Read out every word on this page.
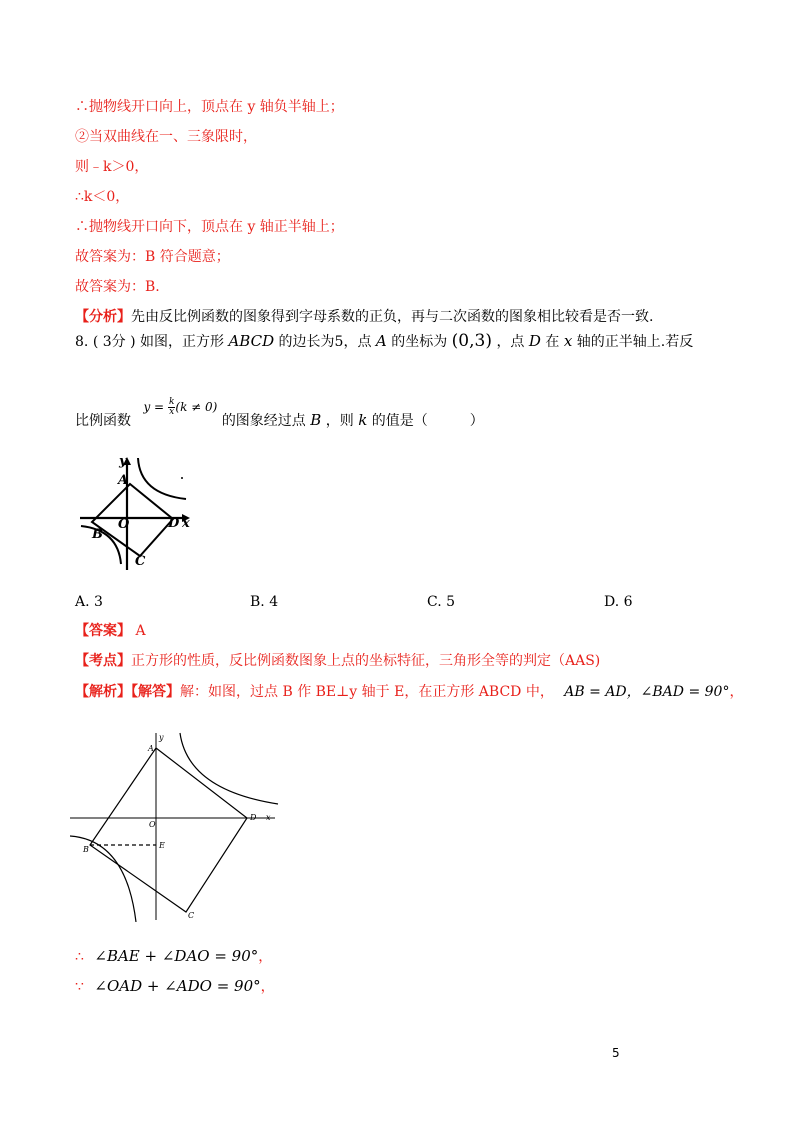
∴抛物线开口向上，顶点在 y 轴负半轴上；
②当双曲线在一、三象限时，
则﹣k＞0，
∴k＜0，
∴抛物线开口向下，顶点在 y 轴正半轴上；
故答案为：B 符合题意；
故答案为：B.
【分析】先由反比例函数的图象得到字母系数的正负，再与二次函数的图象相比较看是否一致.
8. ( 3分 ) 如图，正方形 ABCD 的边长为5，点 A 的坐标为 (0,3) ，点 D 在 x 轴的正半轴上.若反
比例函数 $y = \frac{k}{x} (k \ne 0)$ 的图象经过点 B ，则 k 的值是（　　　）
y
A
O	D x
B
C
A. 3	B. 4	C. 5	D. 6
【答案】 A
【考点】正方形的性质，反比例函数图象上点的坐标特征，三角形全等的判定（AAS)
【解析】【解答】解：如图，过点 B 作 BE⊥y 轴于 E，在正方形 ABCD 中， AB = AD，∠BAD = 90°，
y
A
O
D x
B	E
C
∴ ∠BAE + ∠DAO = 90°，
∵ ∠OAD + ∠ADO = 90°，
5
